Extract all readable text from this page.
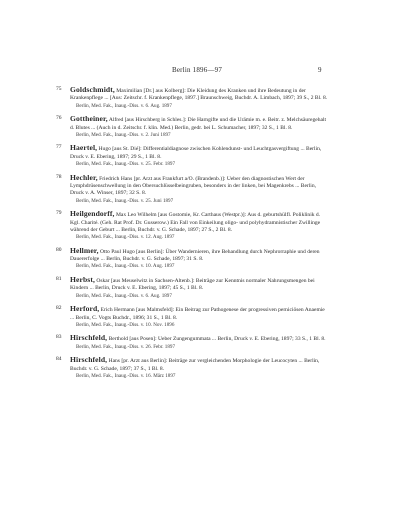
Berlin 1896—97	9
75 Goldschmidt, Maximilian [Dr.] aus Kolberg]: Die Kleidung des Kranken und ihre Bedeutung in der Krankenpflege ... [Aus: Zeitschr. f. Krankenpflege, 1897.] Braunschweig, Buchdr. A. Limbach, 1897; 39 S., 2 Bl. 8.
Berlin, Med. Fak., Inaug.-Diss. v. 6. Aug. 1897
76 Gottheiner, Alfred [aus Hirschberg in Schles.]: Die Harngifte und die Urämie m. e. Beitr. z. Melchsäuregehalt d. Blutes ... (Auch in d. Zeitschr. f. klin. Med.) Berlin, gedr. bei L. Schumacher, 1897; 32 S., 1 Bl. 8.
Berlin, Med. Fak., Inaug.-Diss. v. 2. Juni 1897
77 Haertel, Hugo [aus St. Dié]: Differentialdiagnose zwischen Kohlendunst- und Leuchtgasvergiftung ... Berlin, Druck v. E. Ebering, 1897; 29 S., 1 Bl. 8.
Berlin, Med. Fak., Inaug.-Diss. v. 25. Febr. 1897
78 Hechler, Friedrich Hans [pr. Arzt aus Frankfurt a/O. (Brandenb.)]: Ueber den diagnostischen Wert der Lymphdrüsenschwellung in den Obersuchlüsselbeingruben, besonders in der linken, bei Magenkrebs ... Berlin, Druck v. A. Winser, 1897; 32 S. 8.
Berlin, Med. Fak., Inaug.-Diss. v. 25. Juni 1897
79 Heilgendorff, Max Leo Wilhelm [aus Gostomie, Kr. Carthaus (Westpr.)]: Aus d. geburtshülfl. Poliklinik d. Kgl. Charité. (Geh. Rat Prof. Dr. Gusserow.) Ein Fall von Einkeilung oligo- und polyhydramnistischer Zwillinge während der Geburt ... Berlin, Buchdr. v. G. Schade, 1897; 27 S., 2 Bl. 8.
Berlin, Med. Fak., Inaug.-Diss. v. 12. Aug. 1897
80 Hellmer, Otto Paul Hugo [aus Berlin]: Über Wandernieren, ihre Behandlung durch Nephrorraphie und deren Dauererfolge ... Berlin, Buchdr. v. G. Schade, 1897; 31 S. 8.
Berlin, Med. Fak., Inaug.-Diss. v. 10. Aug. 1897
81 Herbst, Oskar [aus Meuselwitz in Sachsen-Altenb.]: Beiträge zur Kenntnis normaler Nahrungsmengen bei Kindern ... Berlin, Druck v. E. Ebering, 1897; 45 S., 1 Bl. 8.
Berlin, Med. Fak., Inaug.-Diss. v. 6. Aug. 1897
82 Herford, Erich Hermann [aus Malmsfeld]: Ein Beitrag zur Pathogenese der progressiven perniciösen Anaemie ... Berlin, C. Vogts Buchdr., 1896; 31 S., 1 Bl. 8.
Berlin, Med. Fak., Inaug.-Diss. v. 10. Nov. 1896
83 Hirschfeld, Berthold [aus Posen]: Ueber Zungengummata ... Berlin, Druck v. E. Ebering, 1897; 33 S., 1 Bl. 8.
Berlin, Med. Fak., Inaug.-Diss. v. 26. Febr. 1897
84 Hirschfeld, Hans [pr. Arzt aus Berlin]: Beiträge zur vergleichenden Morphologie der Leucocyten ... Berlin, Buchdr. v. G. Schade, 1897; 37 S., 1 Bl. 8.
Berlin, Med. Fak., Inaug.-Diss. v. 16. März 1897
